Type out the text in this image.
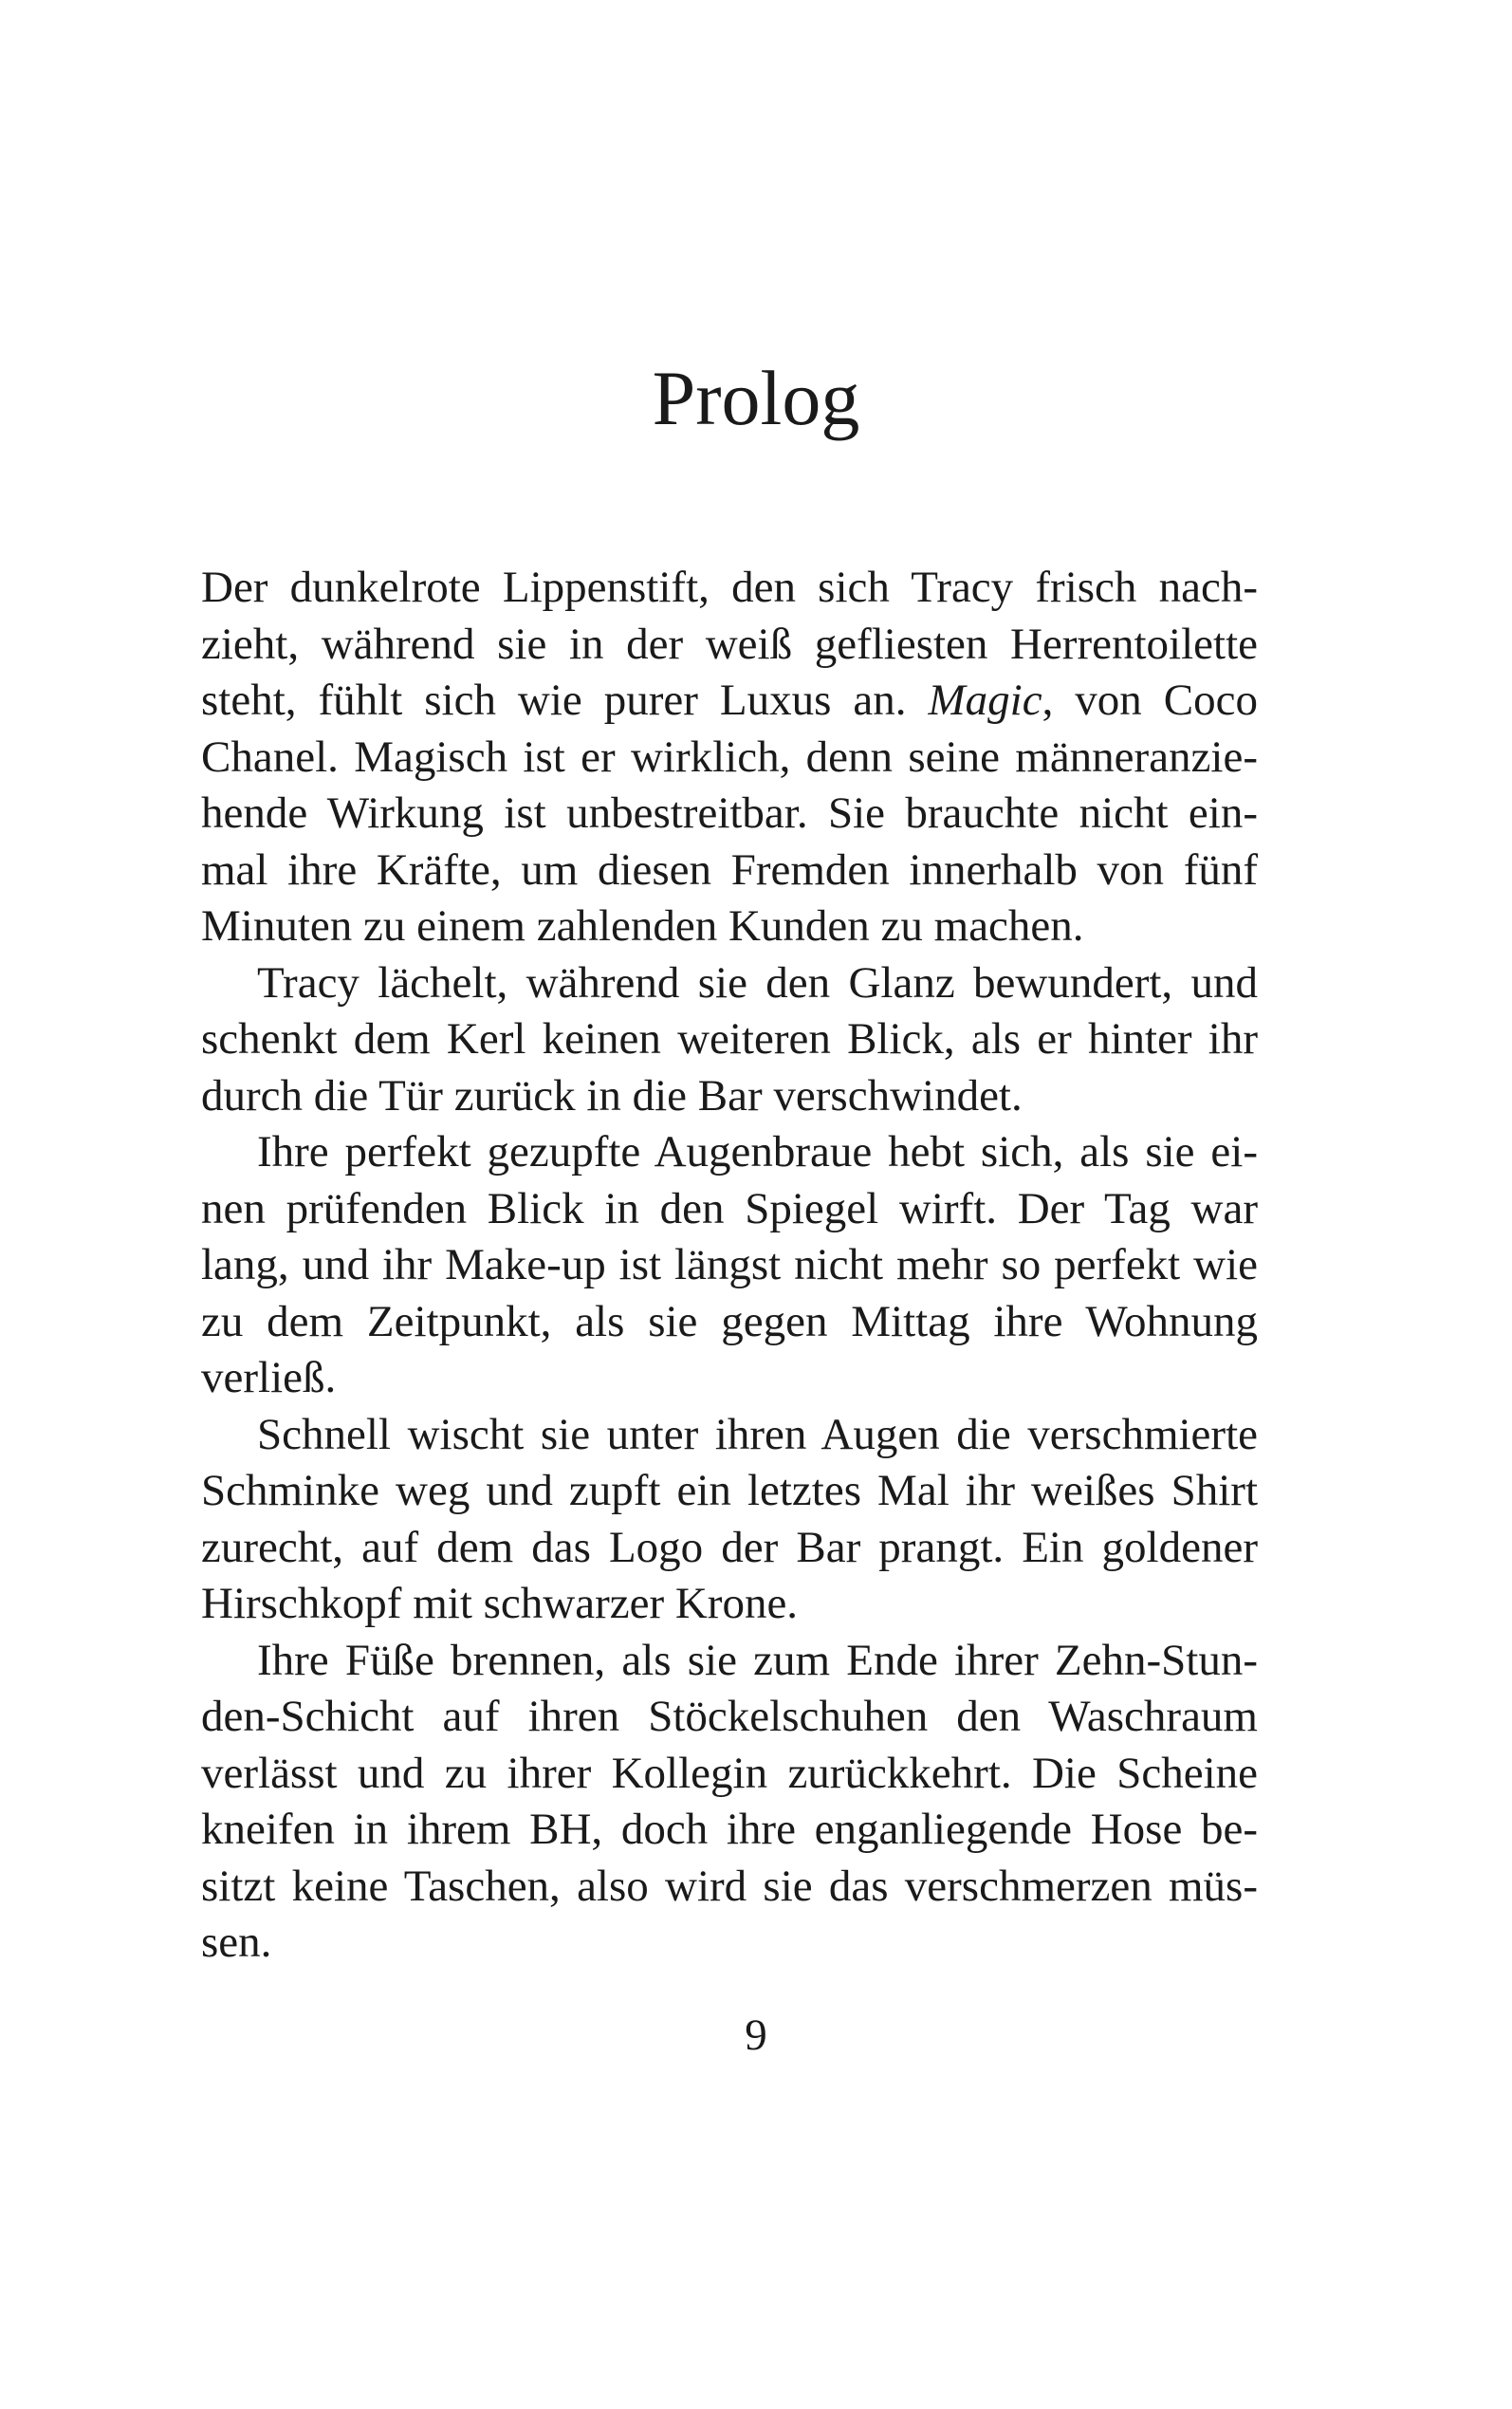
Prolog
Der dunkelrote Lippenstift, den sich Tracy frisch nach-
zieht, während sie in der weiß gefliesten Herrentoilette
steht, fühlt sich wie purer Luxus an. Magic, von Coco
Chanel. Magisch ist er wirklich, denn seine männeranzie-
hende Wirkung ist unbestreitbar. Sie brauchte nicht ein-
mal ihre Kräfte, um diesen Fremden innerhalb von fünf
Minuten zu einem zahlenden Kunden zu machen.
Tracy lächelt, während sie den Glanz bewundert, und
schenkt dem Kerl keinen weiteren Blick, als er hinter ihr
durch die Tür zurück in die Bar verschwindet.
Ihre perfekt gezupfte Augenbraue hebt sich, als sie ei-
nen prüfenden Blick in den Spiegel wirft. Der Tag war
lang, und ihr Make-up ist längst nicht mehr so perfekt wie
zu dem Zeitpunkt, als sie gegen Mittag ihre Wohnung
verließ.
Schnell wischt sie unter ihren Augen die verschmierte
Schminke weg und zupft ein letztes Mal ihr weißes Shirt
zurecht, auf dem das Logo der Bar prangt. Ein goldener
Hirschkopf mit schwarzer Krone.
Ihre Füße brennen, als sie zum Ende ihrer Zehn-Stun-
den-Schicht auf ihren Stöckelschuhen den Waschraum
verlässt und zu ihrer Kollegin zurückkehrt. Die Scheine
kneifen in ihrem BH, doch ihre enganliegende Hose be-
sitzt keine Taschen, also wird sie das verschmerzen müs-
sen.
9
